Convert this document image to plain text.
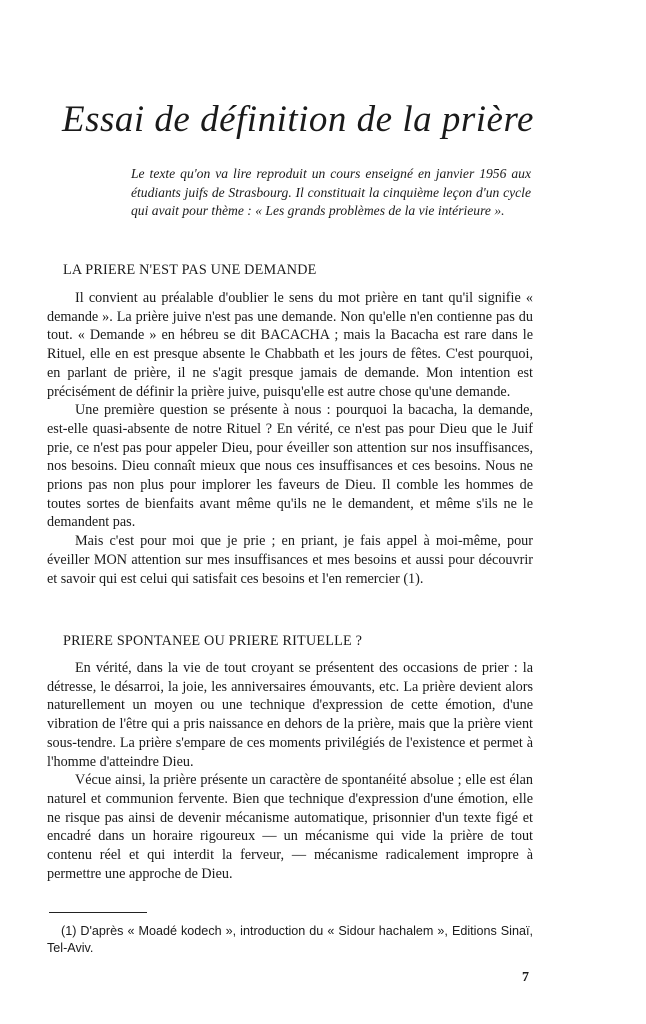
Essai de définition de la prière

Le texte qu'on va lire reproduit un cours enseigné en janvier 1956 aux étudiants juifs de Strasbourg. Il constituait la cinquième leçon d'un cycle qui avait pour thème : « Les grands problèmes de la vie intérieure ».

LA PRIERE N'EST PAS UNE DEMANDE

Il convient au préalable d'oublier le sens du mot prière en tant qu'il signifie « demande ». La prière juive n'est pas une demande. Non qu'elle n'en contienne pas du tout. « Demande » en hébreu se dit BACACHA ; mais la Bacacha est rare dans le Rituel, elle en est presque absente le Chabbath et les jours de fêtes. C'est pourquoi, en parlant de prière, il ne s'agit presque jamais de demande. Mon intention est précisément de définir la prière juive, puisqu'elle est autre chose qu'une demande.

Une première question se présente à nous : pourquoi la bacacha, la demande, est-elle quasi-absente de notre Rituel ? En vérité, ce n'est pas pour Dieu que le Juif prie, ce n'est pas pour appeler Dieu, pour éveiller son attention sur nos insuffisances, nos besoins. Dieu connaît mieux que nous ces insuffisances et ces besoins. Nous ne prions pas non plus pour implorer les faveurs de Dieu. Il comble les hommes de toutes sortes de bienfaits avant même qu'ils ne le demandent, et même s'ils ne le demandent pas.

Mais c'est pour moi que je prie ; en priant, je fais appel à moi-même, pour éveiller MON attention sur mes insuffisances et mes besoins et aussi pour découvrir et savoir qui est celui qui satisfait ces besoins et l'en remercier (1).

PRIERE SPONTANEE OU PRIERE RITUELLE ?

En vérité, dans la vie de tout croyant se présentent des occasions de prier : la détresse, le désarroi, la joie, les anniversaires émouvants, etc. La prière devient alors naturellement un moyen ou une technique d'expression de cette émotion, d'une vibration de l'être qui a pris naissance en dehors de la prière, mais que la prière vient sous-tendre. La prière s'empare de ces moments privilégiés de l'existence et permet à l'homme d'atteindre Dieu.

Vécue ainsi, la prière présente un caractère de spontanéité absolue ; elle est élan naturel et communion fervente. Bien que technique d'expression d'une émotion, elle ne risque pas ainsi de devenir mécanisme automatique, prisonnier d'un texte figé et encadré dans un horaire rigoureux — un mécanisme qui vide la prière de tout contenu réel et qui interdit la ferveur, — mécanisme radicalement impropre à permettre une approche de Dieu.

(1) D'après « Moadé kodech », introduction du « Sidour hachalem », Editions Sinaï, Tel-Aviv.

7
